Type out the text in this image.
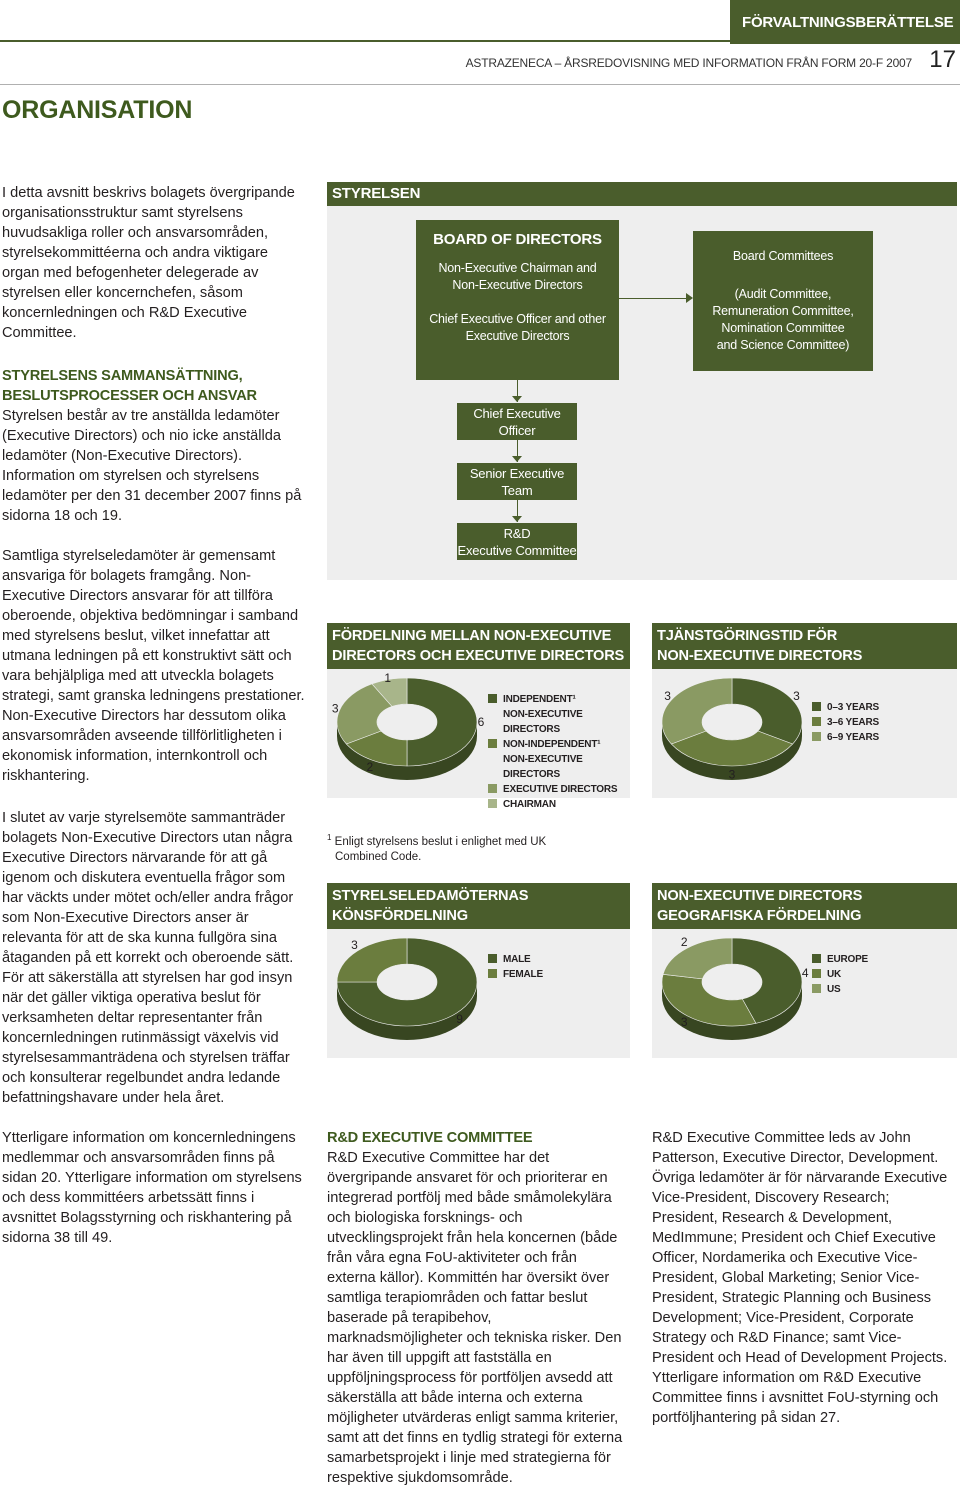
FÖRVALTNINGSBERÄTTELSE
ASTRAZENECA – ÅRSREDOVISNING MED INFORMATION FRÅN FORM 20-F 2007 17
ORGANISATION
I detta avsnitt beskrivs bolagets övergripande organisationsstruktur samt styrelsens huvudsakliga roller och ansvarsområden, styrelsekommittéerna och andra viktigare organ med befogenheter delegerade av styrelsen eller koncernchefen, såsom koncernledningen och R&D Executive Committee.
STYRELSENS SAMMANSÄTTNING, BESLUTSPROCESSER OCH ANSVAR
Styrelsen består av tre anställda ledamöter (Executive Directors) och nio icke anställda ledamöter (Non-Executive Directors). Information om styrelsen och styrelsens ledamöter per den 31 december 2007 finns på sidorna 18 och 19.
Samtliga styrelseledamöter är gemensamt ansvariga för bolagets framgång. Non-Executive Directors ansvarar för att tillföra oberoende, objektiva bedömningar i samband med styrelsens beslut, vilket innefattar att utmana ledningen på ett konstruktivt sätt och vara behjälpliga med att utveckla bolagets strategi, samt granska ledningens prestationer. Non-Executive Directors har dessutom olika ansvarsområden avseende tillförlitligheten i ekonomisk information, internkontroll och riskhantering.
I slutet av varje styrelsemöte sammanträder bolagets Non-Executive Directors utan några Executive Directors närvarande för att gå igenom och diskutera eventuella frågor som har väckts under mötet och/eller andra frågor som Non-Executive Directors anser är relevanta för att de ska kunna fullgöra sina åtaganden på ett korrekt och oberoende sätt. För att säkerställa att styrelsen har god insyn när det gäller viktiga operativa beslut för verksamheten deltar representanter från koncernledningen rutinmässigt växelvis vid styrelsesammanträdena och styrelsen träffar och konsulterar regelbundet andra ledande befattningshavare under hela året.
Ytterligare information om koncernledningens medlemmar och ansvarsområden finns på sidan 20. Ytterligare information om styrelsens och dess kommittéers arbetssätt finns i avsnittet Bolagsstyrning och riskhantering på sidorna 38 till 49.
STYRELSEN
BOARD OF DIRECTORS
Non-Executive Chairman and
Non-Executive Directors
Chief Executive Officer and other
Executive Directors
Board Committees
(Audit Committee,
Remuneration Committee,
Nomination Committee
and Science Committee)
Chief Executive
Officer
Senior Executive
Team
R&D
Executive Committee
FÖRDELNING MELLAN NON-EXECUTIVE
DIRECTORS OCH EXECUTIVE DIRECTORS
6
2
3
1
INDEPENDENT¹
NON-EXECUTIVE DIRECTORS
NON-INDEPENDENT¹
NON-EXECUTIVE DIRECTORS
EXECUTIVE DIRECTORS
CHAIRMAN
TJÄNSTGÖRINGSTID FÖR
NON-EXECUTIVE DIRECTORS
3
3
3
0–3 YEARS
3–6 YEARS
6–9 YEARS
$^1$ Enligt styrelsens beslut i enlighet med UK
Combined Code.
STYRELSELEDAMÖTERNAS
KÖNSFÖRDELNING
9
3
MALE
FEMALE
NON-EXECUTIVE DIRECTORS
GEOGRAFISKA FÖRDELNING
4
3
2
EUROPE
UK
US
R&D EXECUTIVE COMMITTEE
R&D Executive Committee har det övergripande ansvaret för och prioriterar en integrerad portfölj med både småmolekylära och biologiska forsknings- och utvecklingsprojekt från hela koncernen (både från våra egna FoU-aktiviteter och från externa källor). Kommittén har översikt över samtliga terapiområden och fattar beslut baserade på terapibehov, marknadsmöjligheter och tekniska risker. Den har även till uppgift att fastställa en uppföljningsprocess för portföljen avsedd att säkerställa att både interna och externa möjligheter utvärderas enligt samma kriterier, samt att det finns en tydlig strategi för externa samarbetsprojekt i linje med strategierna för respektive sjukdomsområde.
R&D Executive Committee leds av John Patterson, Executive Director, Development. Övriga ledamöter är för närvarande Executive Vice-President, Discovery Research; President, Research & Development, MedImmune; President och Chief Executive Officer, Nordamerika och Executive Vice-President, Global Marketing; Senior Vice-President, Strategic Planning och Business Development; Vice-President, Corporate Strategy och R&D Finance; samt Vice-President och Head of Development Projects. Ytterligare information om R&D Executive Committee finns i avsnittet FoU-styrning och portföljhantering på sidan 27.
